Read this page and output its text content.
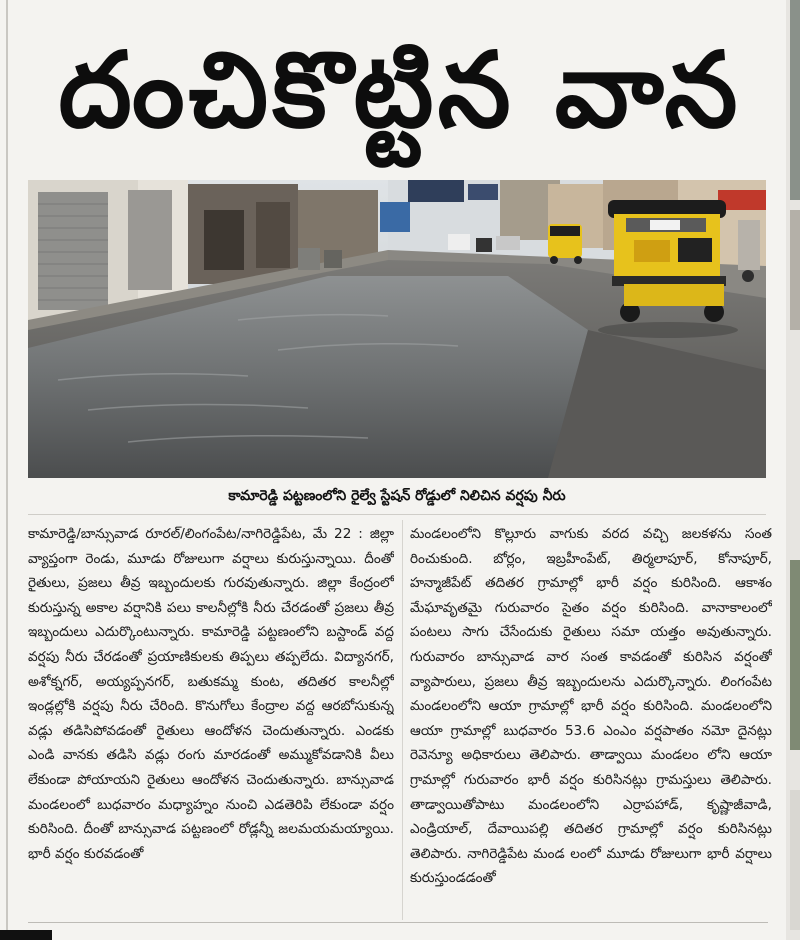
దంచికొట్టిన వాన
కామారెడ్డి పట్టణంలోని రైల్వే స్టేషన్ రోడ్డులో నిలిచిన వర్షపు నీరు
కామారెడ్డి/బాన్సువాడ రూరల్/లింగంపేట/నాగిరెడ్డిపేట, మే 22 : జిల్లా వ్యాప్తంగా రెండు, మూడు రోజులుగా వర్షాలు కురుస్తున్నాయి. దీంతో రైతులు, ప్రజలు తీవ్ర ఇబ్బందులకు గురవుతున్నారు. జిల్లా కేంద్రంలో కురుస్తున్న అకాల వర్షానికి పలు కాలనీల్లోకి నీరు చేరడంతో ప్రజలు తీవ్ర ఇబ్బందులు ఎదుర్కొంటున్నారు. కామారెడ్డి పట్టణంలోని బస్టాండ్ వద్ద వర్షపు నీరు చేరడంతో ప్రయాణికులకు తిప్పలు తప్పలేదు. విద్యానగర్, అశోక్నగర్, అయ్యప్పనగర్, బతుకమ్మ కుంట, తదితర కాలనీల్లో ఇండ్లల్లోకి వర్షపు నీరు చేరింది. కొనుగోలు కేంద్రాల వద్ద ఆరబోసుకున్న వడ్లు తడిసిపోవడంతో రైతులు ఆందోళన చెందుతున్నారు. ఎండకు ఎండి వానకు తడిసి వడ్లు రంగు మారడంతో అమ్ముకోవడానికి వీలు లేకుండా పోయాయని రైతులు ఆందోళన చెందుతున్నారు. బాన్సువాడ మండలంలో బుధవారం మధ్యాహ్నం నుంచి ఎడతెరిపి లేకుండా వర్షం కురిసింది. దీంతో బాన్సువాడ పట్టణంలో రోడ్లన్నీ జలమయమయ్యాయి. భారీ వర్షం కురవడంతో
మండలంలోని కొల్లూరు వాగుకు వరద వచ్చి జలకళను సంత రించుకుంది. బోర్లం, ఇబ్రహీంపేట్, తిర్మలాపూర్, కోనాపూర్, హన్మాజీపేట్ తదితర గ్రామాల్లో భారీ వర్షం కురిసింది. ఆకాశం మేఘావృతమై గురువారం సైతం వర్షం కురిసింది. వానాకాలంలో పంటలు సాగు చేసేందుకు రైతులు సమా యత్తం అవుతున్నారు. గురువారం బాన్సువాడ వార సంత కావడంతో కురిసిన వర్షంతో వ్యాపారులు, ప్రజలు తీవ్ర ఇబ్బందులను ఎదుర్కొన్నారు. లింగంపేట మండలంలోని ఆయా గ్రామాల్లో భారీ వర్షం కురిసింది. మండలంలోని ఆయా గ్రామాల్లో బుధవారం 53.6 ఎంఎం వర్షపాతం నమో దైనట్లు రెవెన్యూ అధికారులు తెలిపారు. తాడ్వాయి మండలం లోని ఆయా గ్రామాల్లో గురువారం భారీ వర్షం కురిసినట్లు గ్రామస్తులు తెలిపారు. తాడ్వాయితోపాటు మండలంలోని ఎర్రాపహాడ్, కృష్ణాజీవాడి, ఎండ్రియాల్, దేవాయిపల్లి తదితర గ్రామాల్లో వర్షం కురిసినట్లు తెలిపారు. నాగిరెడ్డిపేట మండ లంలో మూడు రోజులుగా భారీ వర్షాలు కురుస్తుండడంతో
